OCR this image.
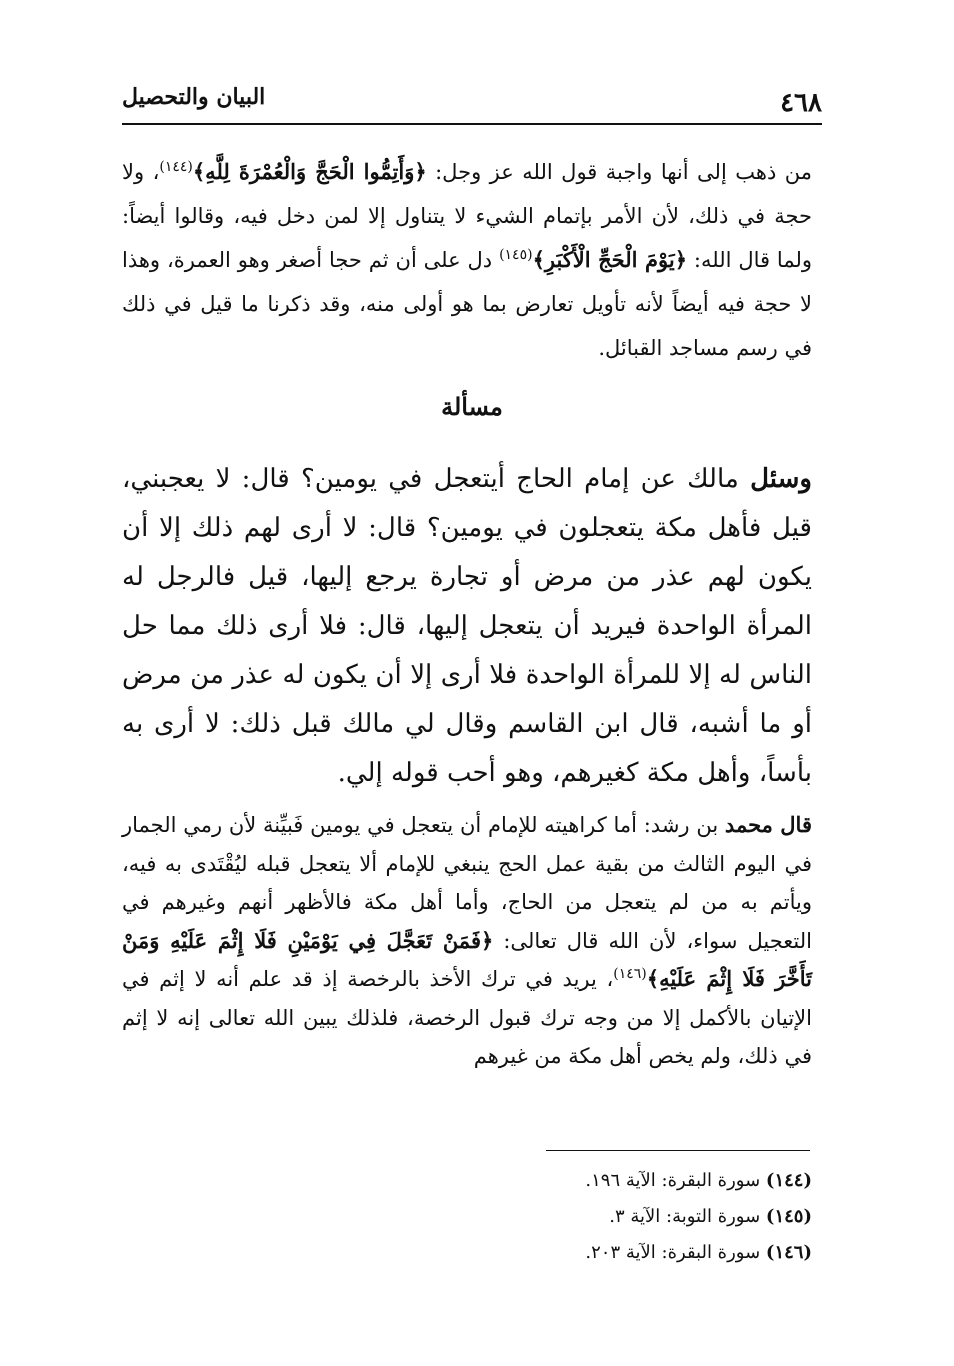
٤٦٨
البيان والتحصيل

من ذهب إلى أنها واجبة قول الله عز وجل: ﴿وَأَتِمُّوا الْحَجَّ وَالْعُمْرَةَ لِلَّهِ﴾$^{(١٤٤)}$، ولا حجة في ذلك، لأن الأمر بإتمام الشيء لا يتناول إلا لمن دخل فيه، وقالوا أيضاً: ولما قال الله: ﴿يَوْمَ الْحَجِّ الْأَكْبَرِ﴾$^{(١٤٥)}$ دل على أن ثم حجا أصغر وهو العمرة، وهذا لا حجة فيه أيضاً لأنه تأويل تعارض بما هو أولى منه، وقد ذكرنا ما قيل في ذلك في رسم مساجد القبائل.

مسألة

وسئل مالك عن إمام الحاج أيتعجل في يومين؟ قال: لا يعجبني، قيل فأهل مكة يتعجلون في يومين؟ قال: لا أرى لهم ذلك إلا أن يكون لهم عذر من مرض أو تجارة يرجع إليها، قيل فالرجل له المرأة الواحدة فيريد أن يتعجل إليها، قال: فلا أرى ذلك مما حل الناس له إلا للمرأة الواحدة فلا أرى إلا أن يكون له عذر من مرض أو ما أشبه، قال ابن القاسم وقال لي مالك قبل ذلك: لا أرى به بأساً، وأهل مكة كغيرهم، وهو أحب قوله إلي.

قال محمد بن رشد: أما كراهيته للإمام أن يتعجل في يومين فَبيِّنة لأن رمي الجمار في اليوم الثالث من بقية عمل الحج ينبغي للإمام ألا يتعجل قبله ليُقْتَدى به فيه، ويأتم به من لم يتعجل من الحاج، وأما أهل مكة فالأظهر أنهم وغيرهم في التعجيل سواء، لأن الله قال تعالى: ﴿فَمَنْ تَعَجَّلَ فِي يَوْمَيْنِ فَلَا إِثْمَ عَلَيْهِ وَمَنْ تَأَخَّرَ فَلَا إِثْمَ عَلَيْهِ﴾$^{(١٤٦)}$، يريد في ترك الأخذ بالرخصة إذ قد علم أنه لا إثم في الإتيان بالأكمل إلا من وجه ترك قبول الرخصة، فلذلك يبين الله تعالى إنه لا إثم في ذلك، ولم يخص أهل مكة من غيرهم

(١٤٤) سورة البقرة: الآية ١٩٦.
(١٤٥) سورة التوبة: الآية ٣.
(١٤٦) سورة البقرة: الآية ٢٠٣.
